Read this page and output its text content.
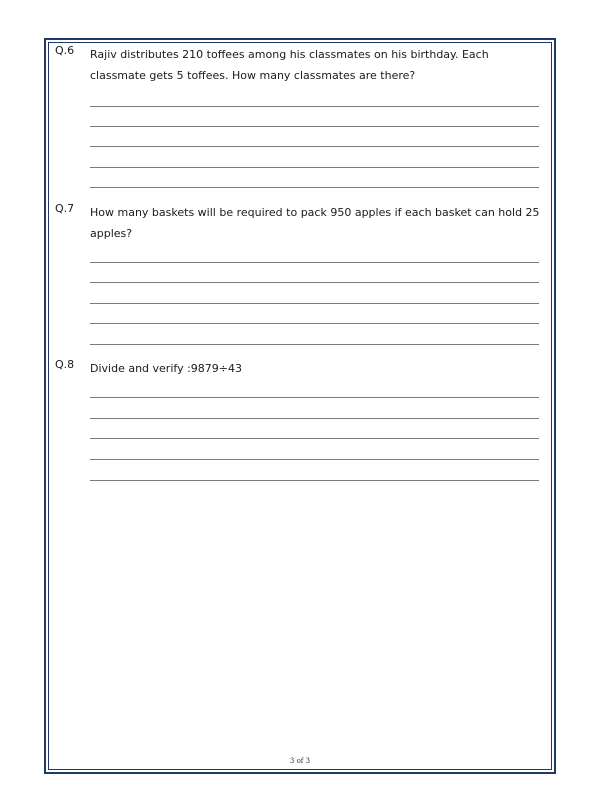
Q.6 Rajiv distributes 210 toffees among his classmates on his birthday. Each classmate gets 5 toffees. How many classmates are there?
Q.7 How many baskets will be required to pack 950 apples if each basket can hold 25 apples?
Q.8 Divide and verify :9879÷43
3 of 3
